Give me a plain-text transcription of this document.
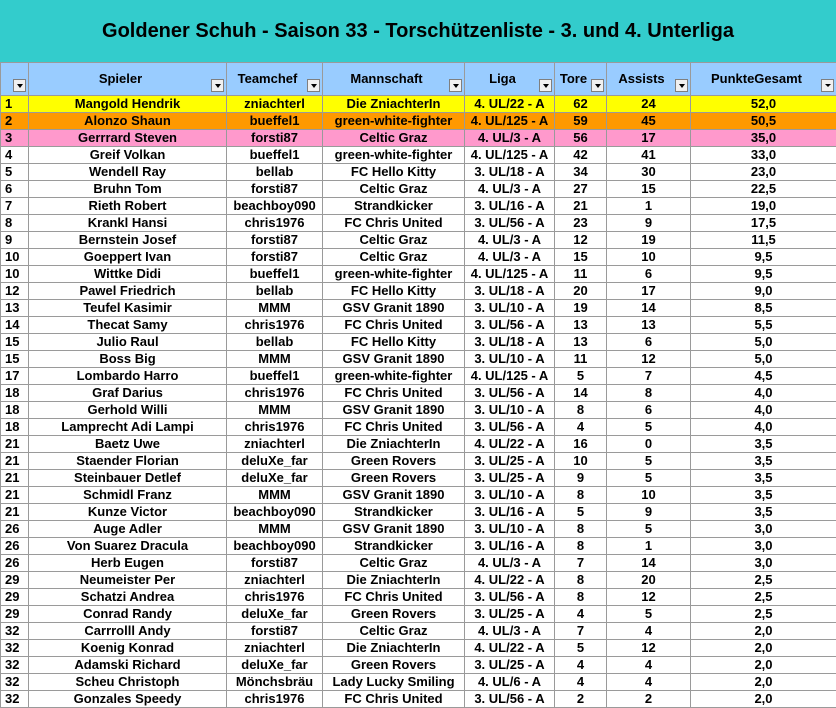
Goldener Schuh - Saison 33 - Torschützenliste - 3. und 4. Unterliga
	Spieler	Teamchef	Mannschaft	Liga	Tore	Assists	PunkteGesamt

1	Mangold Hendrik	zniachterl	Die ZniachterIn	4. UL/22 - A	62	24	52,0
2	Alonzo Shaun	bueffel1	green-white-fighter	4. UL/125 - A	59	45	50,5
3	Gerrrard Steven	forsti87	Celtic Graz	4. UL/3 - A	56	17	35,0
4	Greif Volkan	bueffel1	green-white-fighter	4. UL/125 - A	42	41	33,0
5	Wendell Ray	bellab	FC Hello Kitty	3. UL/18 - A	34	30	23,0
6	Bruhn Tom	forsti87	Celtic Graz	4. UL/3 - A	27	15	22,5
7	Rieth Robert	beachboy090	Strandkicker	3. UL/16 - A	21	1	19,0
8	Krankl Hansi	chris1976	FC Chris United	3. UL/56 - A	23	9	17,5
9	Bernstein Josef	forsti87	Celtic Graz	4. UL/3 - A	12	19	11,5
10	Goeppert Ivan	forsti87	Celtic Graz	4. UL/3 - A	15	10	9,5
10	Wittke Didi	bueffel1	green-white-fighter	4. UL/125 - A	11	6	9,5
12	Pawel Friedrich	bellab	FC Hello Kitty	3. UL/18 - A	20	17	9,0
13	Teufel Kasimir	MMM	GSV Granit 1890	3. UL/10 - A	19	14	8,5
14	Thecat Samy	chris1976	FC Chris United	3. UL/56 - A	13	13	5,5
15	Julio Raul	bellab	FC Hello Kitty	3. UL/18 - A	13	6	5,0
15	Boss Big	MMM	GSV Granit 1890	3. UL/10 - A	11	12	5,0
17	Lombardo Harro	bueffel1	green-white-fighter	4. UL/125 - A	5	7	4,5
18	Graf Darius	chris1976	FC Chris United	3. UL/56 - A	14	8	4,0
18	Gerhold Willi	MMM	GSV Granit 1890	3. UL/10 - A	8	6	4,0
18	Lamprecht Adi Lampi	chris1976	FC Chris United	3. UL/56 - A	4	5	4,0
21	Baetz Uwe	zniachterl	Die ZniachterIn	4. UL/22 - A	16	0	3,5
21	Staender Florian	deluXe_far	Green Rovers	3. UL/25 - A	10	5	3,5
21	Steinbauer Detlef	deluXe_far	Green Rovers	3. UL/25 - A	9	5	3,5
21	Schmidl Franz	MMM	GSV Granit 1890	3. UL/10 - A	8	10	3,5
21	Kunze Victor	beachboy090	Strandkicker	3. UL/16 - A	5	9	3,5
26	Auge Adler	MMM	GSV Granit 1890	3. UL/10 - A	8	5	3,0
26	Von Suarez Dracula	beachboy090	Strandkicker	3. UL/16 - A	8	1	3,0
26	Herb Eugen	forsti87	Celtic Graz	4. UL/3 - A	7	14	3,0
29	Neumeister Per	zniachterl	Die ZniachterIn	4. UL/22 - A	8	20	2,5
29	Schatzi Andrea	chris1976	FC Chris United	3. UL/56 - A	8	12	2,5
29	Conrad Randy	deluXe_far	Green Rovers	3. UL/25 - A	4	5	2,5
32	Carrrolll Andy	forsti87	Celtic Graz	4. UL/3 - A	7	4	2,0
32	Koenig Konrad	zniachterl	Die ZniachterIn	4. UL/22 - A	5	12	2,0
32	Adamski Richard	deluXe_far	Green Rovers	3. UL/25 - A	4	4	2,0
32	Scheu Christoph	Mönchsbräu	Lady Lucky Smiling	4. UL/6 - A	4	4	2,0
32	Gonzales Speedy	chris1976	FC Chris United	3. UL/56 - A	2	2	2,0
